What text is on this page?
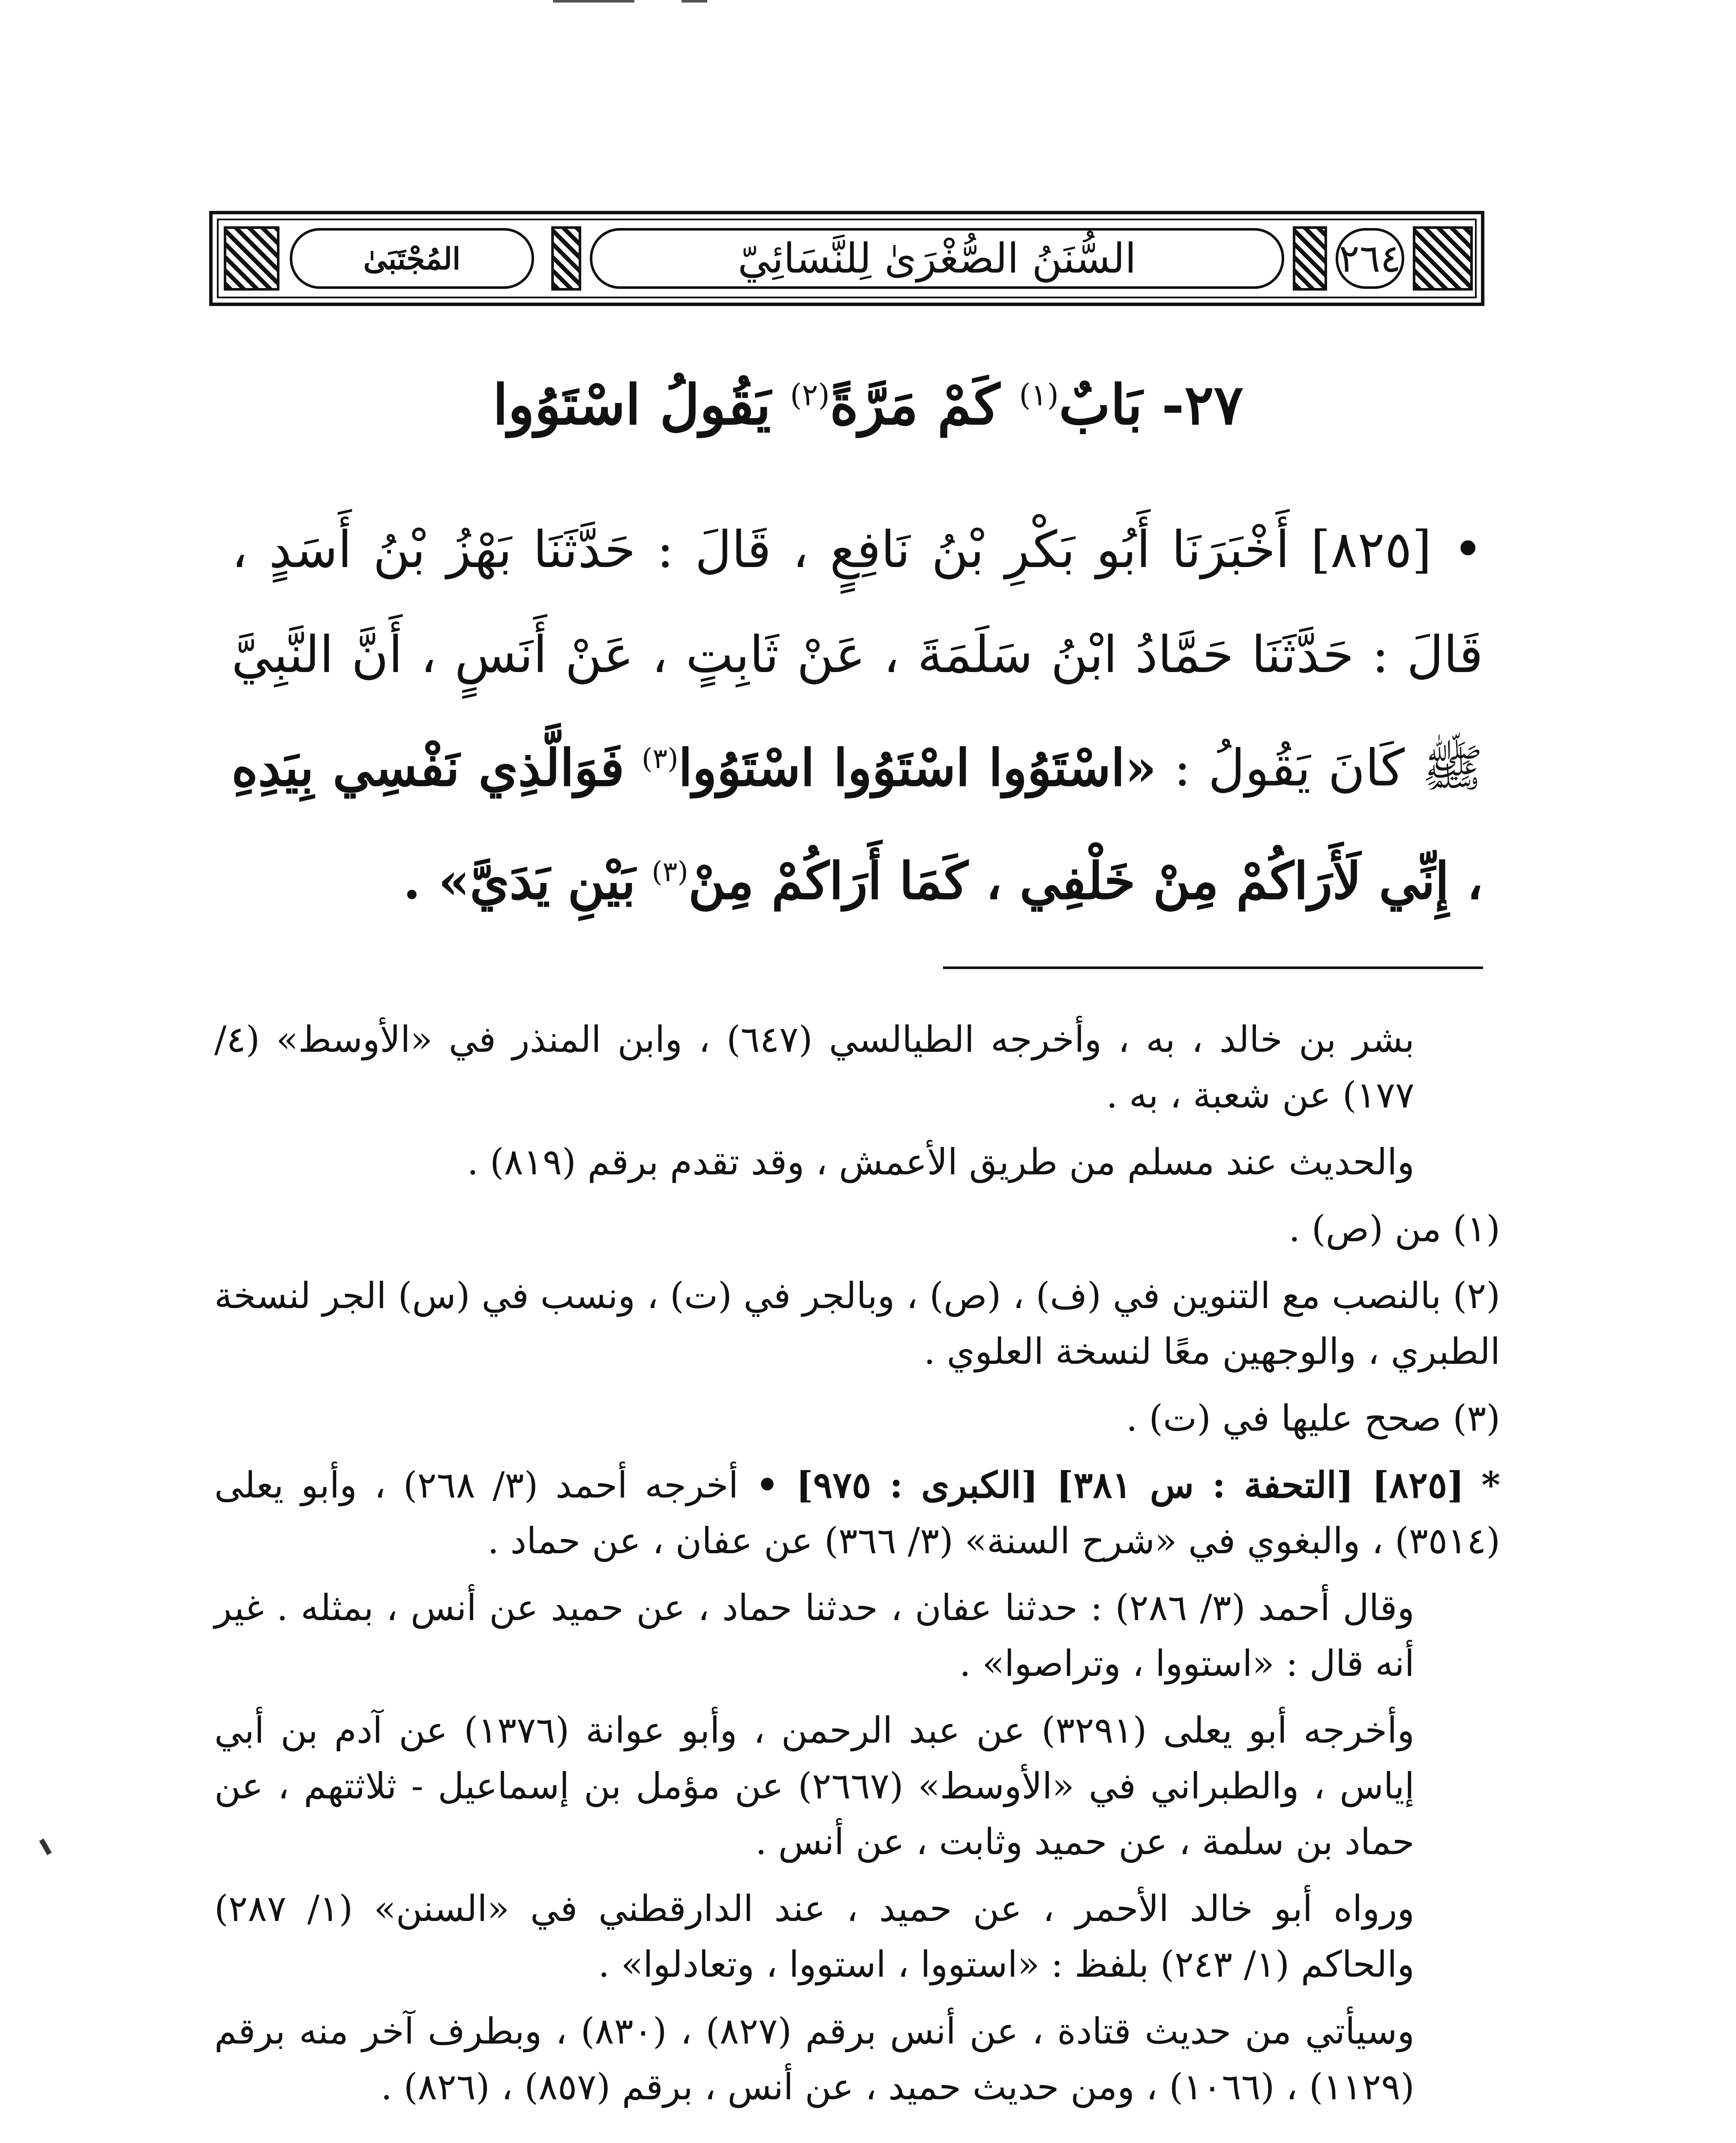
المُجْتَبَىٰ	السُّنَنُ الصُّغْرَىٰ لِلنَّسَائِيّ	٢٦٤
٢٧- بَابٌ$^{(١)}$ كَمْ مَرَّةً$^{(٢)}$ يَقُولُ اسْتَوُوا
• [٨٢٥] أَخْبَرَنَا أَبُو بَكْرِ بْنُ نَافِعٍ ، قَالَ : حَدَّثَنَا بَهْزُ بْنُ أَسَدٍ ، قَالَ : حَدَّثَنَا حَمَّادُ ابْنُ سَلَمَةَ ، عَنْ ثَابِتٍ ، عَنْ أَنَسٍ ، أَنَّ النَّبِيَّ ﷺ كَانَ يَقُولُ : «اسْتَوُوا اسْتَوُوا اسْتَوُوا$^{(٣)}$ فَوَالَّذِي نَفْسِي بِيَدِهِ ، إِنِّي لَأَرَاكُمْ مِنْ خَلْفِي ، كَمَا أَرَاكُمْ مِنْ$^{(٣)}$ بَيْنِ يَدَيَّ» .

بشر بن خالد ، به ، وأخرجه الطيالسي (٦٤٧) ، وابن المنذر في «الأوسط» (٤/ ١٧٧) عن شعبة ، به .

والحديث عند مسلم من طريق الأعمش ، وقد تقدم برقم (٨١٩) .

(١) من (ص) .

(٢) بالنصب مع التنوين في (ف) ، (ص) ، وبالجر في (ت) ، ونسب في (س) الجر لنسخة الطبري ، والوجهين معًا لنسخة العلوي .

(٣) صحح عليها في (ت) .

* [٨٢٥] [التحفة : س ٣٨١] [الكبرى : ٩٧٥] • أخرجه أحمد (٣/ ٢٦٨) ، وأبو يعلى (٣٥١٤) ، والبغوي في «شرح السنة» (٣/ ٣٦٦) عن عفان ، عن حماد .

وقال أحمد (٣/ ٢٨٦) : حدثنا عفان ، حدثنا حماد ، عن حميد عن أنس ، بمثله . غير أنه قال : «استووا ، وتراصوا» .

وأخرجه أبو يعلى (٣٢٩١) عن عبد الرحمن ، وأبو عوانة (١٣٧٦) عن آدم بن أبي إياس ، والطبراني في «الأوسط» (٢٦٦٧) عن مؤمل بن إسماعيل - ثلاثتهم ، عن حماد بن سلمة ، عن حميد وثابت ، عن أنس .

ورواه أبو خالد الأحمر ، عن حميد ، عند الدارقطني في «السنن» (١/ ٢٨٧) والحاكم (١/ ٢٤٣) بلفظ : «استووا ، استووا ، وتعادلوا» .

وسيأتي من حديث قتادة ، عن أنس برقم (٨٢٧) ، (٨٣٠) ، وبطرف آخر منه برقم (١١٢٩) ، (١٠٦٦) ، ومن حديث حميد ، عن أنس ، برقم (٨٥٧) ، (٨٢٦) .
